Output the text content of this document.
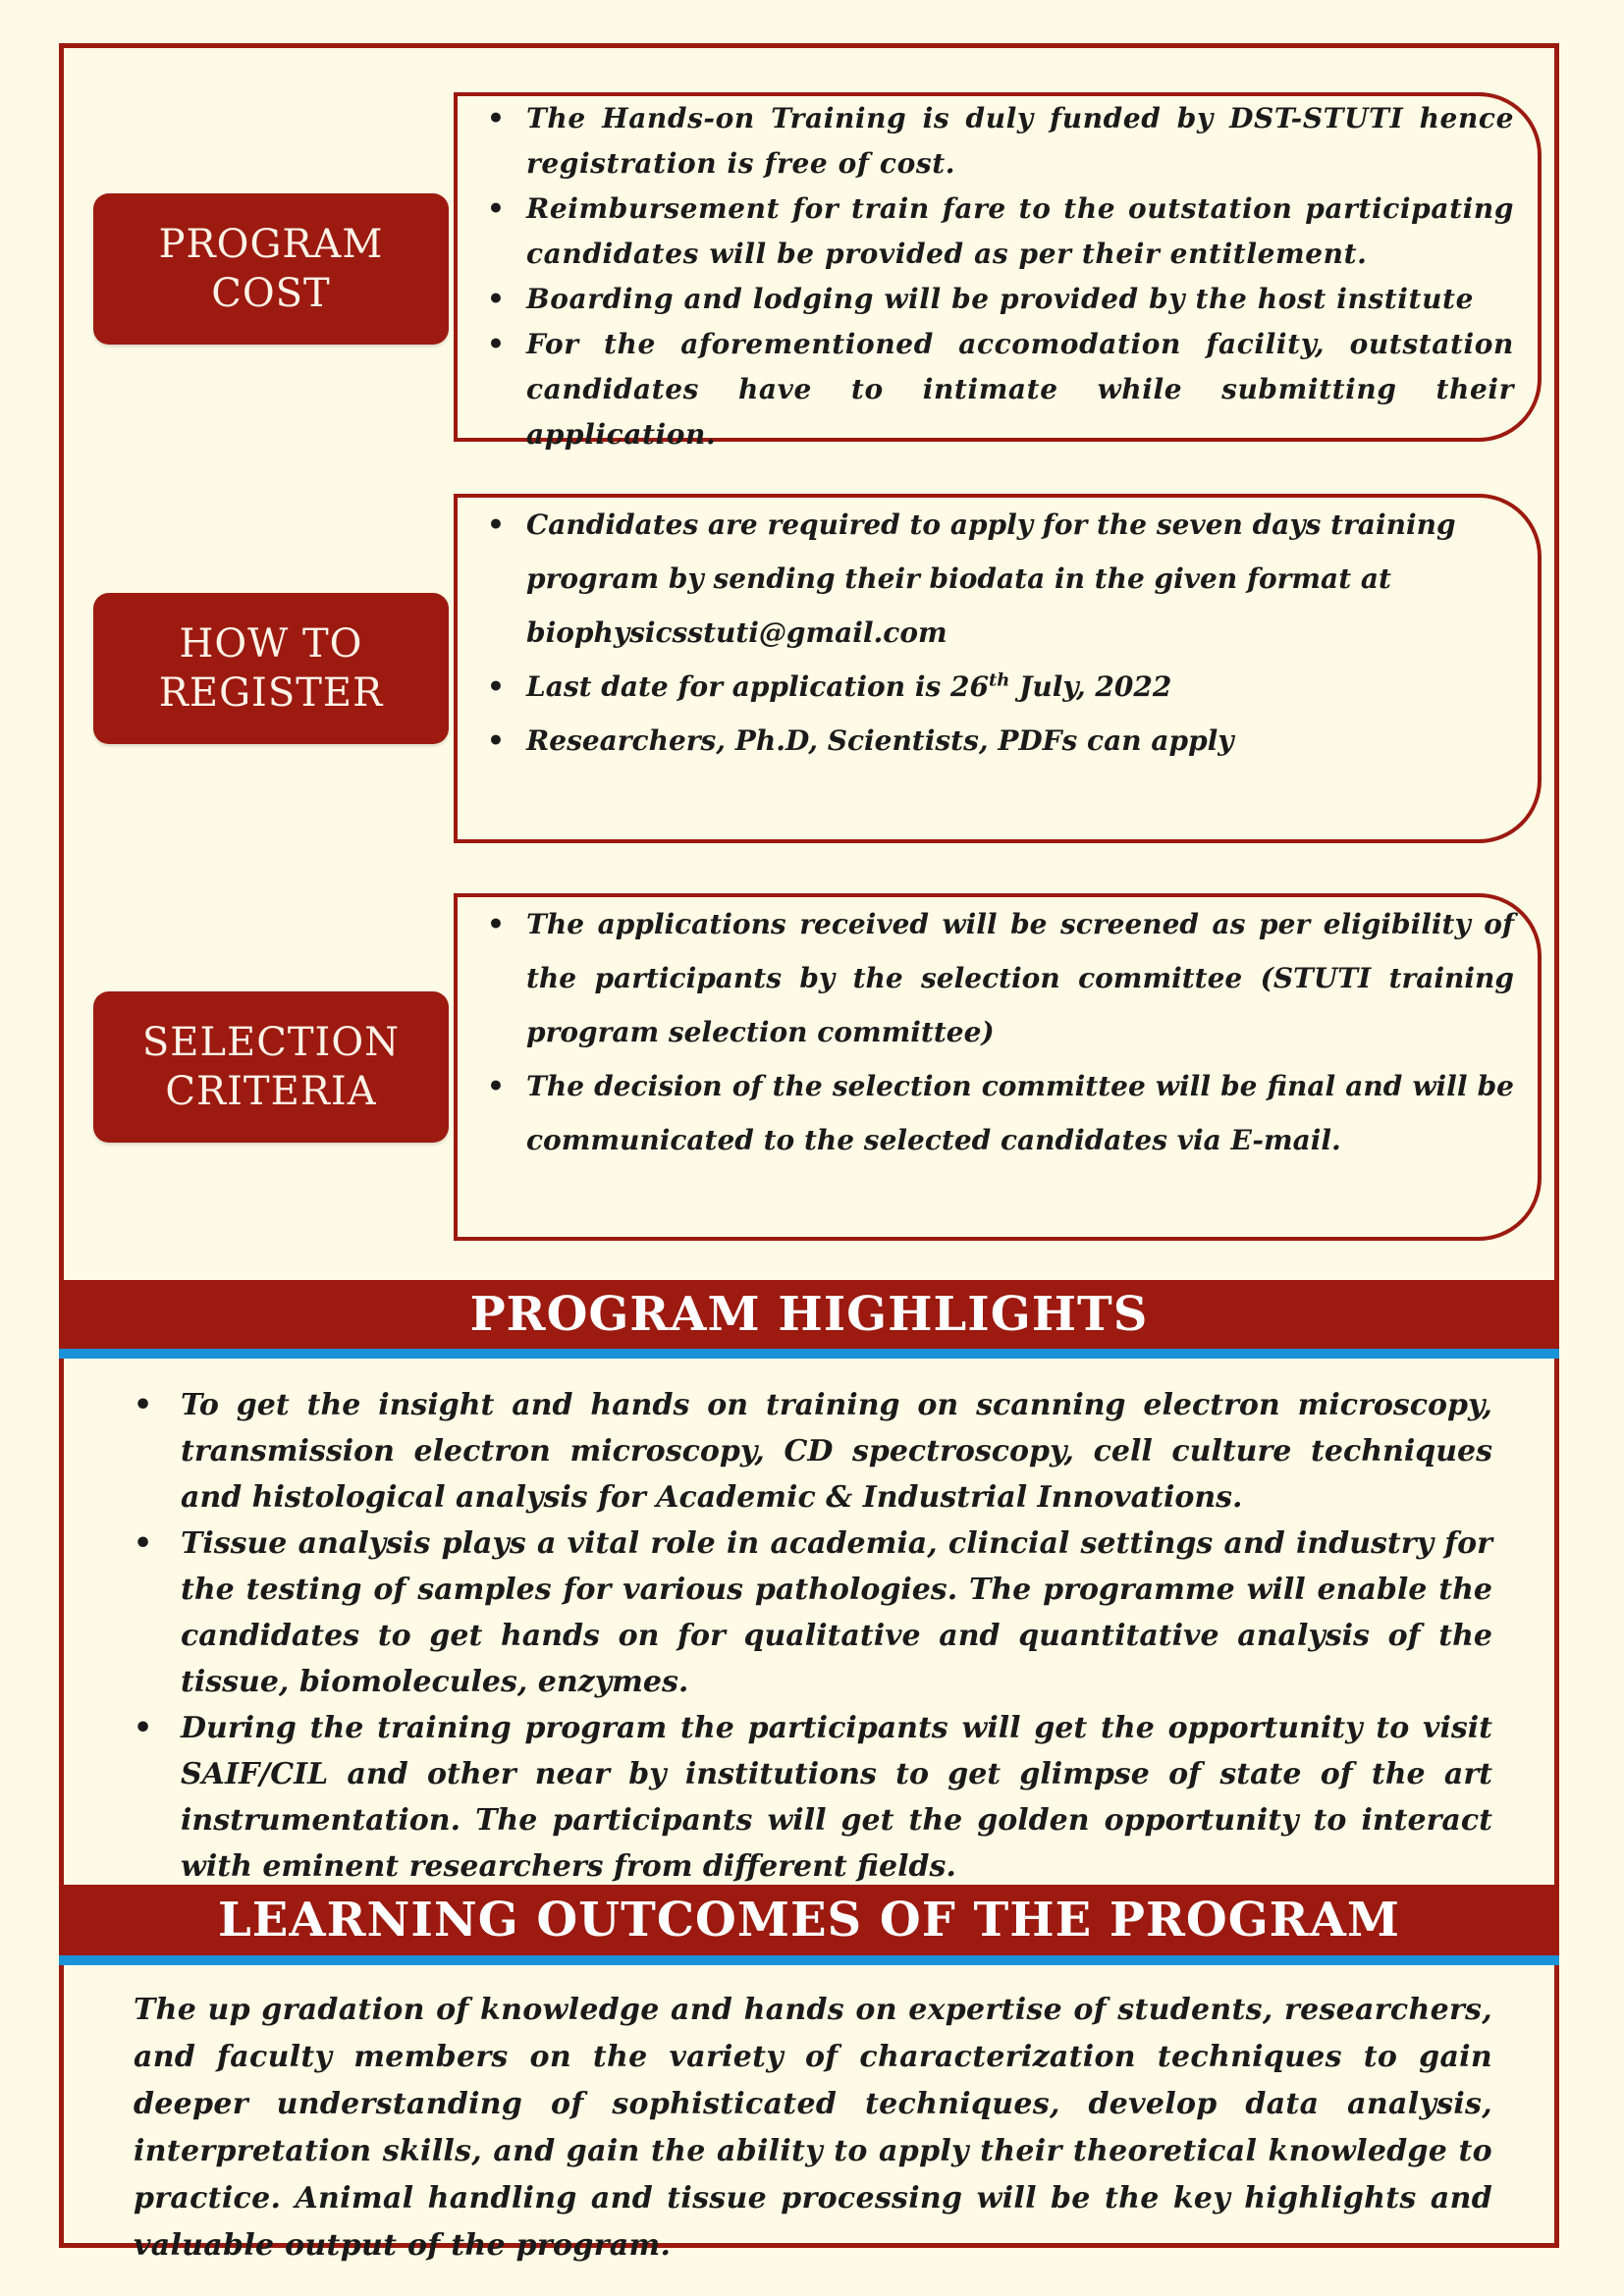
PROGRAM COST
• The Hands-on Training is duly funded by DST-STUTI hence registration is free of cost.
• Reimbursement for train fare to the outstation participating candidates will be provided as per their entitlement.
• Boarding and lodging will be provided by the host institute
• For the aforementioned accomodation facility, outstation candidates have to intimate while submitting their application.
HOW TO REGISTER
• Candidates are required to apply for the seven days training program by sending their biodata in the given format at
biophysicsstuti@gmail.com
• Last date for application is 26th July, 2022
• Researchers, Ph.D, Scientists, PDFs can apply
SELECTION
CRITERIA
• The applications received will be screened as per eligibility of the participants by the selection committee (STUTI training program selection committee)
• The decision of the selection committee will be final and will be communicated to the selected candidates via E-mail.
PROGRAM HIGHLIGHTS
• To get the insight and hands on training on scanning electron microscopy, transmission electron microscopy, CD spectroscopy, cell culture techniques and histological analysis for Academic & Industrial Innovations.
• Tissue analysis plays a vital role in academia, clincial settings and industry for the testing of samples for various pathologies. The programme will enable the candidates to get hands on for qualitative and quantitative analysis of the tissue, biomolecules, enzymes.
• During the training program the participants will get the opportunity to visit SAIF/CIL and other near by institutions to get glimpse of state of the art instrumentation. The participants will get the golden opportunity to interact with eminent researchers from different fields.
LEARNING OUTCOMES OF THE PROGRAM
The up gradation of knowledge and hands on expertise of students, researchers, and faculty members on the variety of characterization techniques to gain deeper understanding of sophisticated techniques, develop data analysis, interpretation skills, and gain the ability to apply their theoretical knowledge to practice. Animal handling and tissue processing will be the key highlights and valuable output of the program.
